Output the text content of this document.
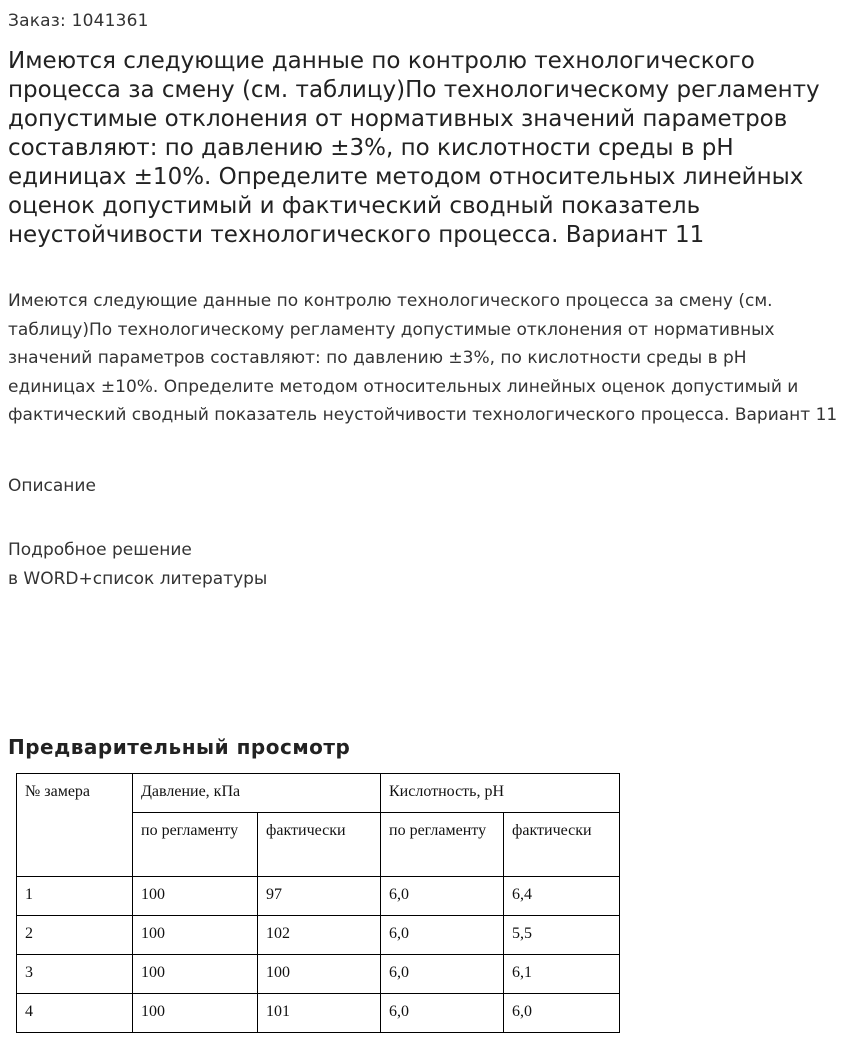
Заказ: 1041361
Имеются следующие данные по контролю технологического процесса за смену (см. таблицу)По технологическому регламенту допустимые отклонения от нормативных значений параметров составляют: по давлению ±3%, по кислотности среды в pH единицах ±10%. Определите методом относительных линейных оценок допустимый и фактический сводный показатель неустойчивости технологического процесса. Вариант 11

Имеются следующие данные по контролю технологического процесса за смену (см. таблицу)По технологическому регламенту допустимые отклонения от нормативных значений параметров составляют: по давлению ±3%, по кислотности среды в pH единицах ±10%. Определите методом относительных линейных оценок допустимый и фактический сводный показатель неустойчивости технологического процесса. Вариант 11

Описание
Подробное решение
в WORD+список литературы
Предварительный просмотр
№ замера	Давление, кПа		Кислотность, pH	
	по регламенту	фактически	по регламенту	фактически
1	100	97	6,0	6,4
2	100	102	6,0	5,5
3	100	100	6,0	6,1
4	100	101	6,0	6,0
